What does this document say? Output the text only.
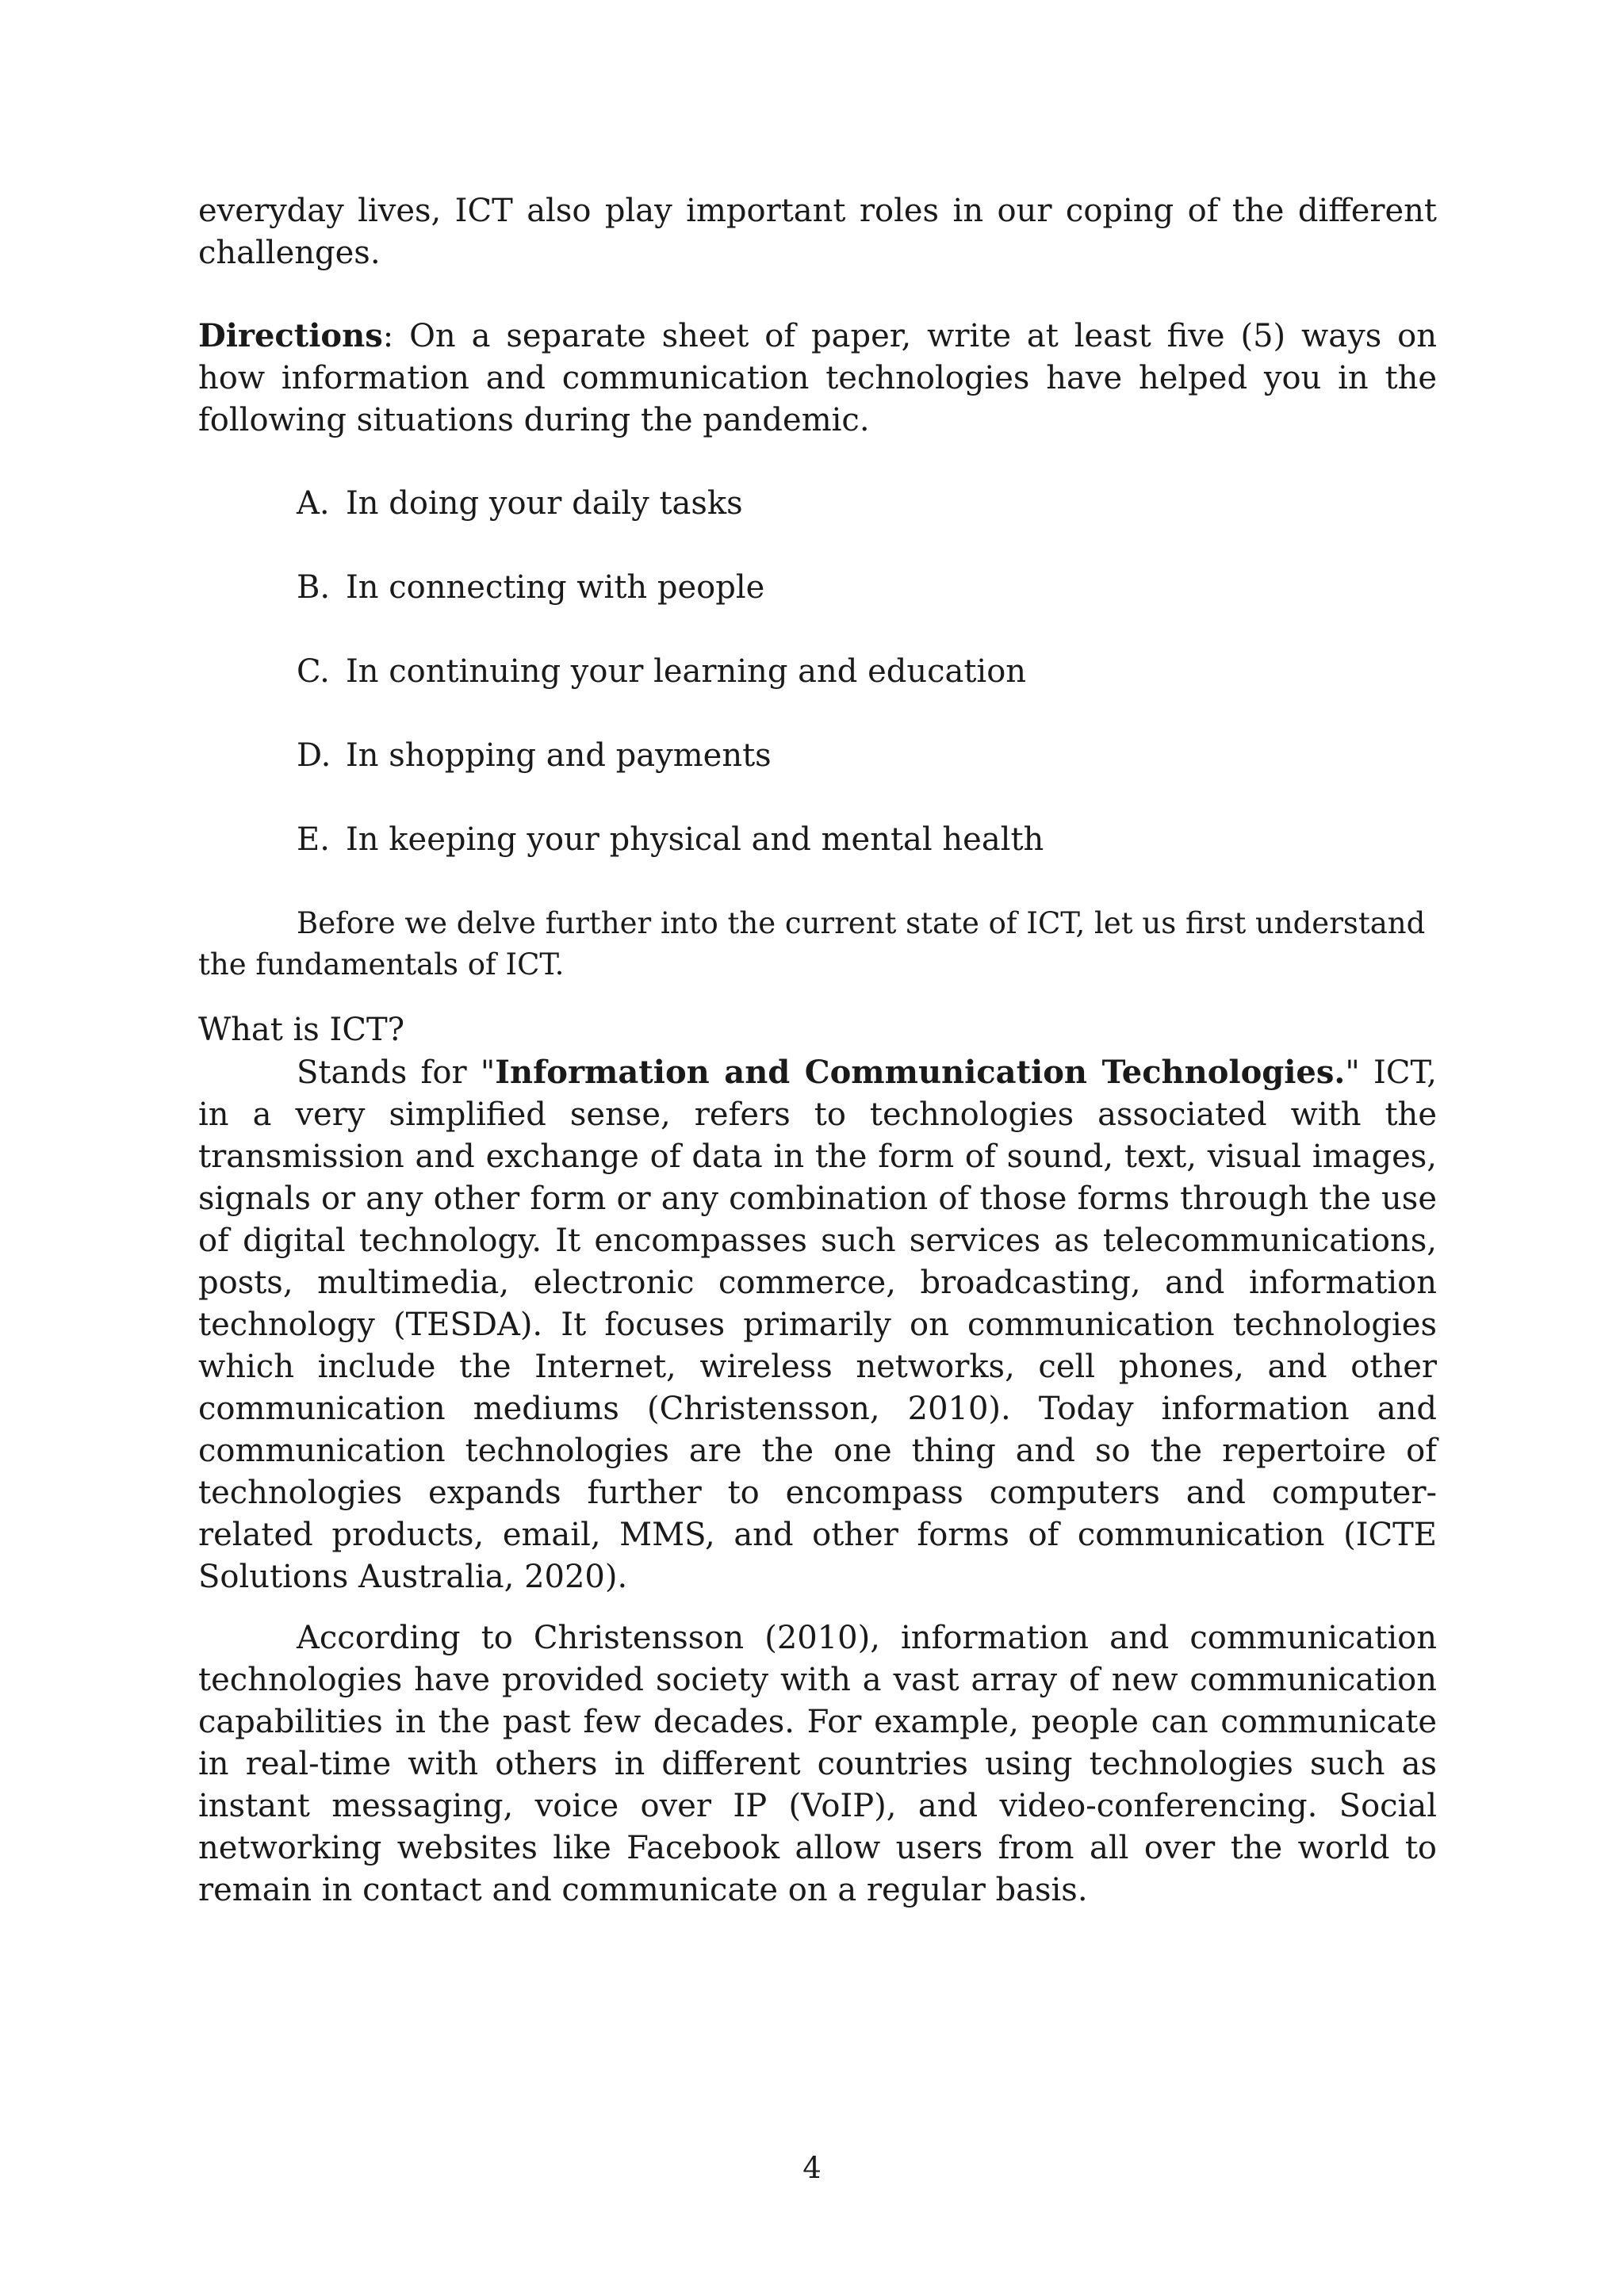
everyday lives, ICT also play important roles in our coping of the different challenges.

Directions: On a separate sheet of paper, write at least five (5) ways on how information and communication technologies have helped you in the following situations during the pandemic.

A. In doing your daily tasks
B. In connecting with people
C. In continuing your learning and education
D. In shopping and payments
E. In keeping your physical and mental health

Before we delve further into the current state of ICT, let us first understand
the fundamentals of ICT.

What is ICT?

Stands for "Information and Communication Technologies." ICT, in a very simplified sense, refers to technologies associated with the transmission and exchange of data in the form of sound, text, visual images, signals or any other form or any combination of those forms through the use of digital technology. It encompasses such services as telecommunications, posts, multimedia, electronic commerce, broadcasting, and information technology (TESDA). It focuses primarily on communication technologies which include the Internet, wireless networks, cell phones, and other communication mediums (Christensson, 2010). Today information and communication technologies are the one thing and so the repertoire of technologies expands further to encompass computers and computer-related products, email, MMS, and other forms of communication (ICTE Solutions Australia, 2020).

According to Christensson (2010), information and communication technologies have provided society with a vast array of new communication capabilities in the past few decades. For example, people can communicate in real-time with others in different countries using technologies such as instant messaging, voice over IP (VoIP), and video-conferencing. Social networking websites like Facebook allow users from all over the world to remain in contact and communicate on a regular basis.

4
